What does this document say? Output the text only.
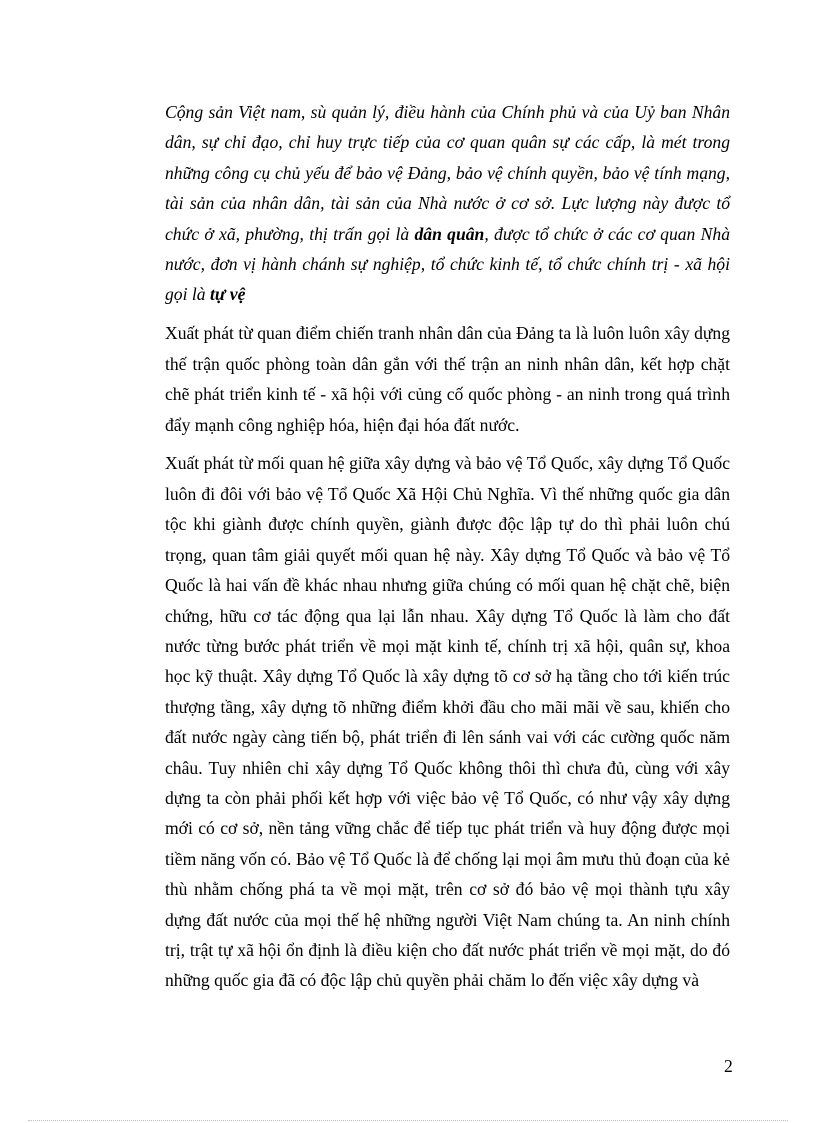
Cộng sản Việt nam, sù quản lý, điều hành của Chính phủ và của Uỷ ban Nhân dân, sự chỉ đạo, chỉ huy trực tiếp của cơ quan quân sự các cấp, là mét trong những công cụ chủ yếu để bảo vệ Đảng, bảo vệ chính quyền, bảo vệ tính mạng, tài sản của nhân dân, tài sản của Nhà nước ở cơ sở. Lực lượng này được tổ chức ở xã, phường, thị trấn gọi là dân quân, được tổ chức ở các cơ quan Nhà nước, đơn vị hành chánh sự nghiệp, tổ chức kinh tế, tổ chức chính trị - xã hội gọi là tự vệ

Xuất phát từ quan điểm chiến tranh nhân dân của Đảng ta là luôn luôn xây dựng thế trận quốc phòng toàn dân gắn với thế trận an ninh nhân dân, kết hợp chặt chẽ phát triển kinh tế - xã hội với củng cố quốc phòng - an ninh trong quá trình đẩy mạnh công nghiệp hóa, hiện đại hóa đất nước.

Xuất phát từ mối quan hệ giữa xây dựng và bảo vệ Tổ Quốc, xây dựng Tổ Quốc luôn đi đôi với bảo vệ Tổ Quốc Xã Hội Chủ Nghĩa. Vì thế những quốc gia dân tộc khi giành được chính quyền, giành được độc lập tự do thì phải luôn chú trọng, quan tâm giải quyết mối quan hệ này. Xây dựng Tổ Quốc và bảo vệ Tổ Quốc là hai vấn đề khác nhau nhưng giữa chúng có mối quan hệ chặt chẽ, biện chứng, hữu cơ tác động qua lại lẫn nhau. Xây dựng Tổ Quốc là làm cho đất nước từng bước phát triển về mọi mặt kinh tế, chính trị xã hội, quân sự, khoa học kỹ thuật. Xây dựng Tổ Quốc là xây dựng tõ cơ sở hạ tầng cho tới kiến trúc thượng tầng, xây dựng tõ những điểm khởi đầu cho mãi mãi về sau, khiến cho đất nước ngày càng tiến bộ, phát triển đi lên sánh vai với các cường quốc năm châu. Tuy nhiên chỉ xây dựng Tổ Quốc không thôi thì chưa đủ, cùng với xây dựng ta còn phải phối kết hợp với việc bảo vệ Tổ Quốc, có như vậy xây dựng mới có cơ sở, nền tảng vững chắc để tiếp tục phát triển và huy động được mọi tiềm năng vốn có. Bảo vệ Tổ Quốc là để chống lại mọi âm mưu thủ đoạn của kẻ thù nhằm chống phá ta về mọi mặt, trên cơ sở đó bảo vệ mọi thành tựu xây dựng đất nước của mọi thế hệ những người Việt Nam chúng ta. An ninh chính trị, trật tự xã hội ổn định là điều kiện cho đất nước phát triển về mọi mặt, do đó những quốc gia đã có độc lập chủ quyền phải chăm lo đến việc xây dựng và

2
